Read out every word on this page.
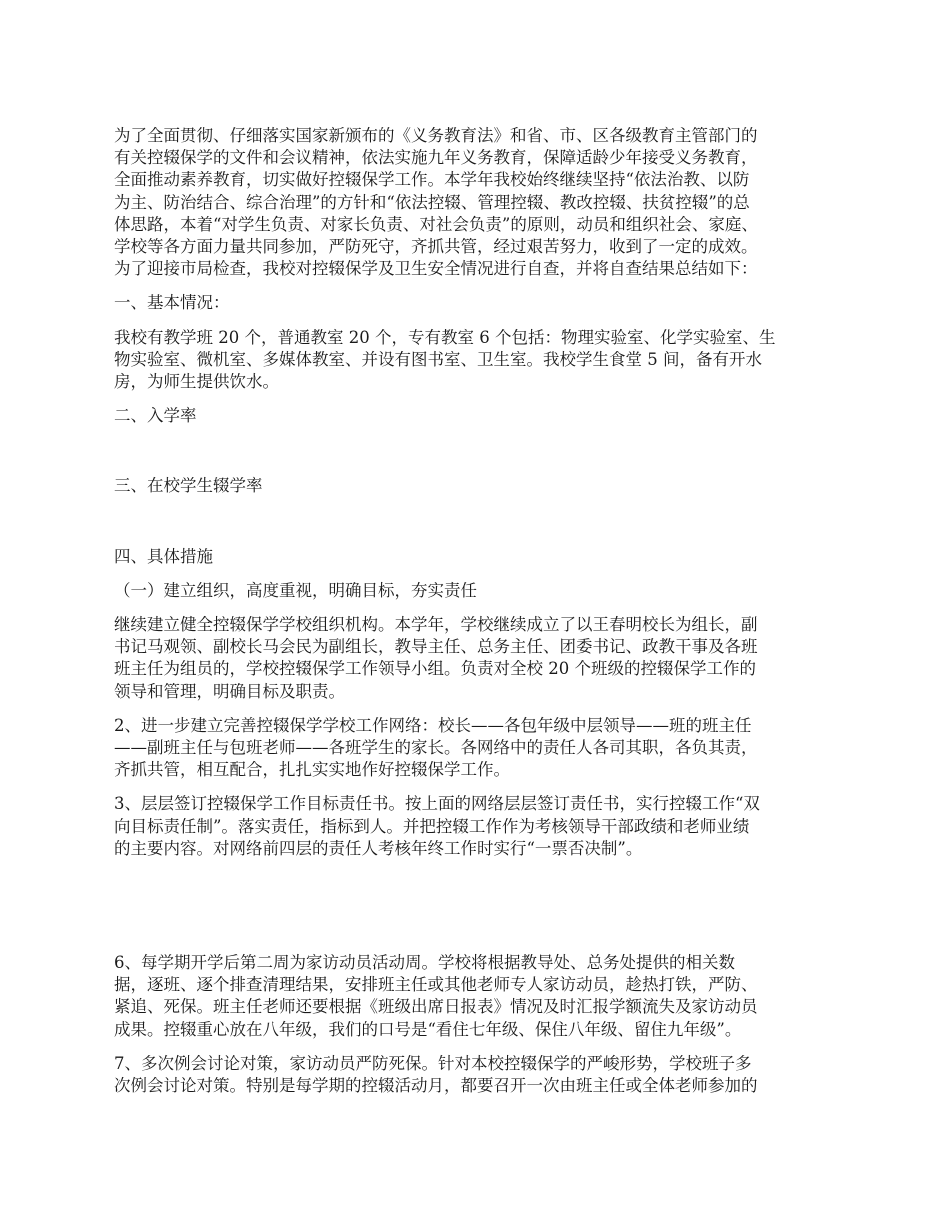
为了全面贯彻、仔细落实国家新颁布的《义务教育法》和省、市、区各级教育主管部门的
有关控辍保学的文件和会议精神，依法实施九年义务教育，保障适龄少年接受义务教育，
全面推动素养教育，切实做好控辍保学工作。本学年我校始终继续坚持“依法治教、以防
为主、防治结合、综合治理”的方针和“依法控辍、管理控辍、教改控辍、扶贫控辍”的总
体思路，本着“对学生负责、对家长负责、对社会负责”的原则，动员和组织社会、家庭、
学校等各方面力量共同参加，严防死守，齐抓共管，经过艰苦努力，收到了一定的成效。
为了迎接市局检查，我校对控辍保学及卫生安全情况进行自查，并将自查结果总结如下：

一、基本情况：

我校有教学班 20 个，普通教室 20 个，专有教室 6 个包括：物理实验室、化学实验室、生
物实验室、微机室、多媒体教室、并设有图书室、卫生室。我校学生食堂 5 间，备有开水
房，为师生提供饮水。

二、入学率

三、在校学生辍学率

四、具体措施

（一）建立组织，高度重视，明确目标，夯实责任

继续建立健全控辍保学学校组织机构。本学年，学校继续成立了以王春明校长为组长，副
书记马观领、副校长马会民为副组长，教导主任、总务主任、团委书记、政教干事及各班
班主任为组员的，学校控辍保学工作领导小组。负责对全校 20 个班级的控辍保学工作的
领导和管理，明确目标及职责。

2、进一步建立完善控辍保学学校工作网络：校长——各包年级中层领导——班的班主任
——副班主任与包班老师——各班学生的家长。各网络中的责任人各司其职，各负其责，
齐抓共管，相互配合，扎扎实实地作好控辍保学工作。

3、层层签订控辍保学工作目标责任书。按上面的网络层层签订责任书，实行控辍工作“双
向目标责任制”。落实责任，指标到人。并把控辍工作作为考核领导干部政绩和老师业绩
的主要内容。对网络前四层的责任人考核年终工作时实行“一票否决制”。

6、每学期开学后第二周为家访动员活动周。学校将根据教导处、总务处提供的相关数
据，逐班、逐个排查清理结果，安排班主任或其他老师专人家访动员，趁热打铁，严防、
紧追、死保。班主任老师还要根据《班级出席日报表》情况及时汇报学额流失及家访动员
成果。控辍重心放在八年级，我们的口号是“看住七年级、保住八年级、留住九年级”。

7、多次例会讨论对策，家访动员严防死保。针对本校控辍保学的严峻形势，学校班子多
次例会讨论对策。特别是每学期的控辍活动月，都要召开一次由班主任或全体老师参加的
